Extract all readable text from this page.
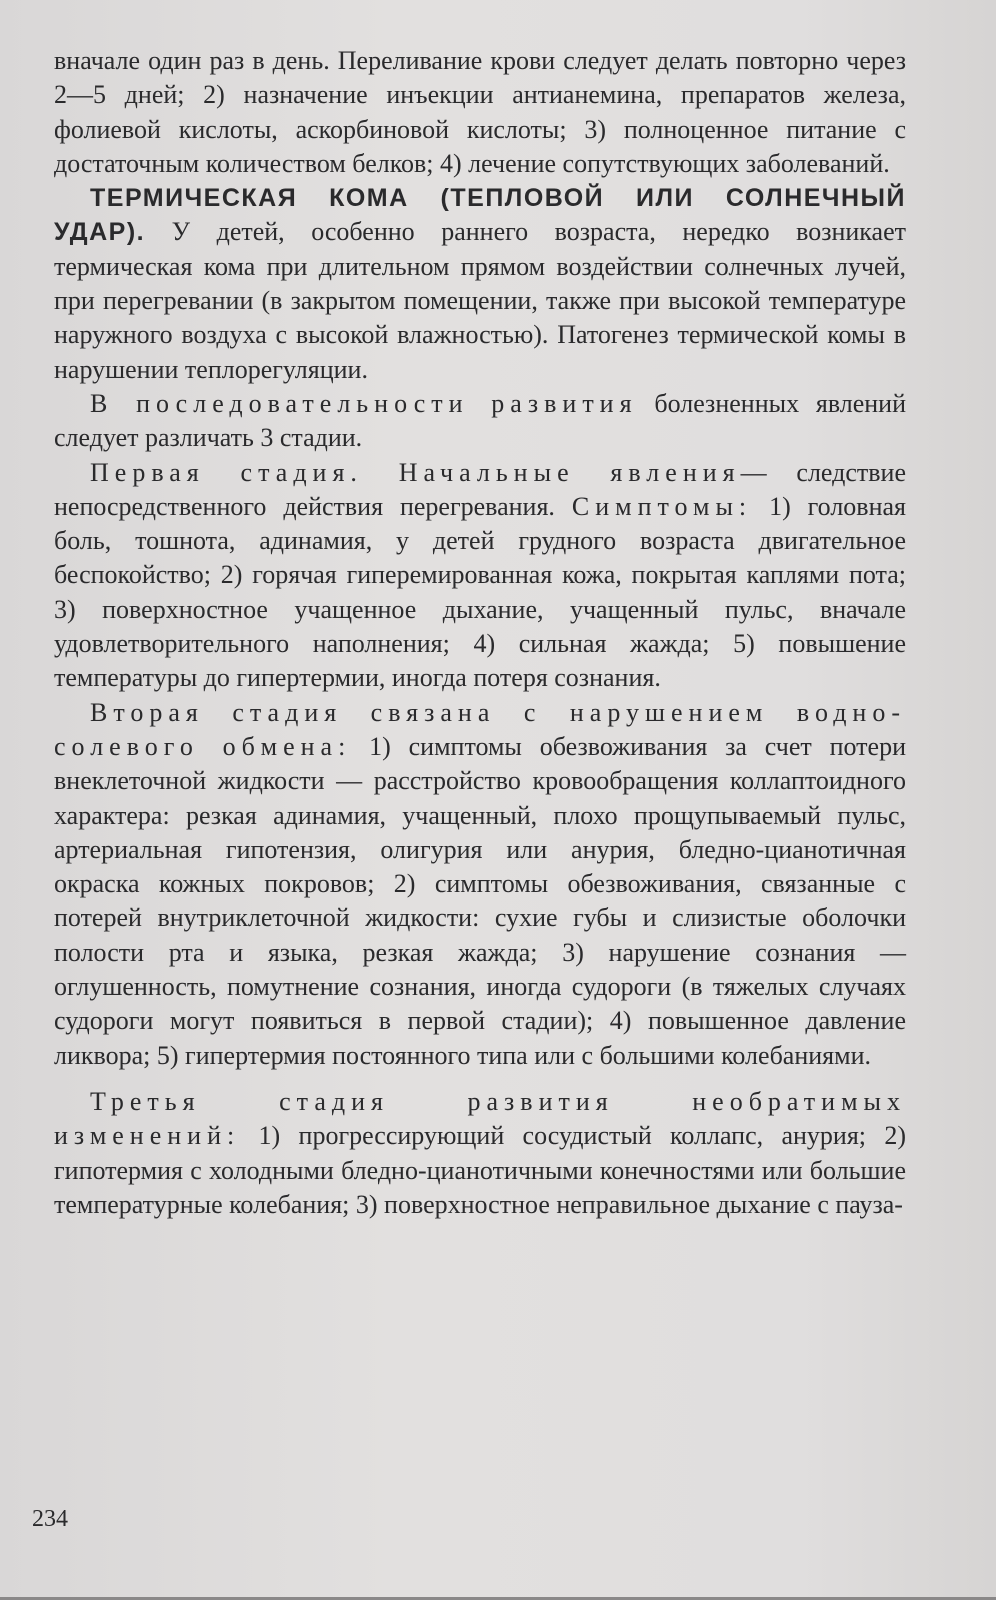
вначале один раз в день. Переливание крови следует делать повторно через 2—5 дней; 2) назначение инъекции антианемина, препаратов железа, фолиевой кислоты, аскорбиновой кислоты; 3) полноценное питание с достаточным количеством белков; 4) лечение сопутствующих заболеваний.

ТЕРМИЧЕСКАЯ КОМА (ТЕПЛОВОЙ ИЛИ СОЛНЕЧНЫЙ УДАР). У детей, особенно раннего возраста, нередко возникает термическая кома при длительном прямом воздействии солнечных лучей, при перегревании (в закрытом помещении, также при высокой температуре наружного воздуха с высокой влажностью). Патогенез термической комы в нарушении теплорегуляции.

В последовательности развития болезненных явлений следует различать 3 стадии.

Первая стадия. Начальные явления— следствие непосредственного действия перегревания. Симптомы: 1) головная боль, тошнота, адинамия, у детей грудного возраста двигательное беспокойство; 2) горячая гиперемированная кожа, покрытая каплями пота; 3) поверхностное учащенное дыхание, учащенный пульс, вначале удовлетворительного наполнения; 4) сильная жажда; 5) повышение температуры до гипертермии, иногда потеря сознания.

Вторая стадия связана с нарушением водно-солевого обмена: 1) симптомы обезвоживания за счет потери внеклеточной жидкости — расстройство кровообращения коллаптоидного характера: резкая адинамия, учащенный, плохо прощупываемый пульс, артериальная гипотензия, олигурия или анурия, бледно-цианотичная окраска кожных покровов; 2) симптомы обезвоживания, связанные с потерей внутриклеточной жидкости: сухие губы и слизистые оболочки полости рта и языка, резкая жажда; 3) нарушение сознания — оглушенность, помутнение сознания, иногда судороги (в тяжелых случаях судороги могут появиться в первой стадии); 4) повышенное давление ликвора; 5) гипертермия постоянного типа или с большими колебаниями.

Третья стадия развития необратимых изменений: 1) прогрессирующий сосудистый коллапс, анурия; 2) гипотермия с холодными бледно-цианотичными конечностями или большие температурные колебания; 3) поверхностное неправильное дыхание с пауза-

234
